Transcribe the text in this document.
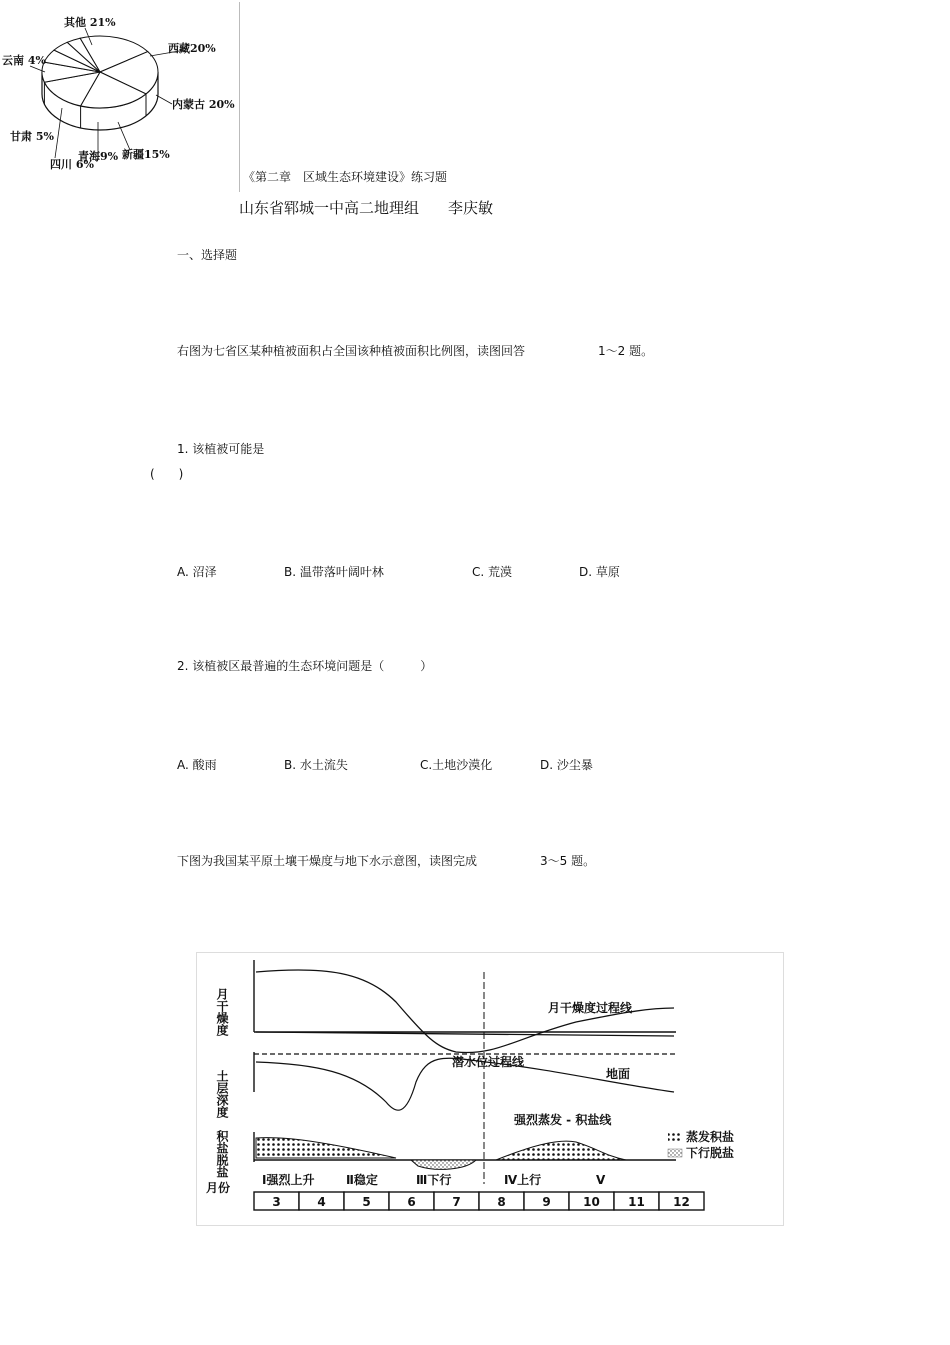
其他 21%
西藏20%
内蒙古 20%
新疆15%
青海9%
四川 6%
甘肃 5%
云南 4%
《第二章　区域生态环境建设》练习题
山东省郓城一中高二地理组 李庆敏
一、选择题
右图为七省区某种植被面积占全国该种植被面积比例图，读图回答	1～2 题。
1. 该植被可能是
(　　)
A. 沼泽	B. 温带落叶阔叶林	C. 荒漠	D. 草原
2. 该植被区最普遍的生态环境问题是（　　　）
A. 酸雨	B. 水土流失	C.土地沙漠化	D. 沙尘暴
下图为我国某平原土壤干燥度与地下水示意图，读图完成	3～5 题。
月干燥度
土层深度
积盐脱盐
月份
月干燥度过程线
地面
潜水位过程线
强烈蒸发 - 积盐线
蒸发积盐
下行脱盐
Ⅰ强烈上升	Ⅱ稳定	Ⅲ下行	Ⅳ上行	Ⅴ
3	4	5	6	7	8	9	10 11 12
